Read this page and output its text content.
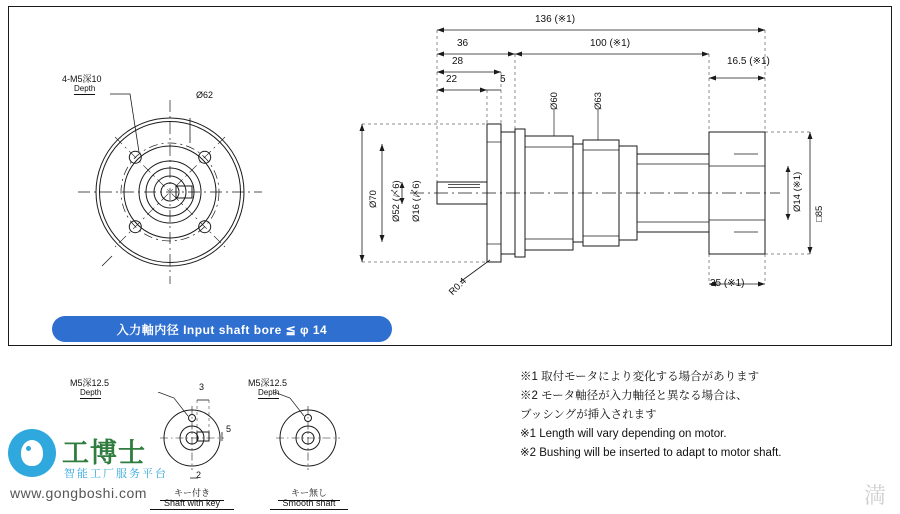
4-M5深10
Depth
Ø62
136 (※1)
36	100 (※1)
16.5 (※1)
28
22	5
35 (※1)
Ø60	Ø63
Ø70	Ø52 (〆6) Ø16 (〆6)	Ø14 (※1)
□85
R0.4
入力軸内径 Input shaft bore ≦ φ 14
M5深12.5
Depth
M5深12.5
Depth
3
5
2
キー付き
Shaft with key
キー無し
Smooth shaft
※1 取付モータにより変化する場合があります
※2 モータ軸径が入力軸径と異なる場合は、
ブッシングが挿入されます
※1 Length will vary depending on motor.
※2 Bushing will be inserted to adapt to motor shaft.
工博士
智能工厂服务平台
www.gongboshi.com	満
